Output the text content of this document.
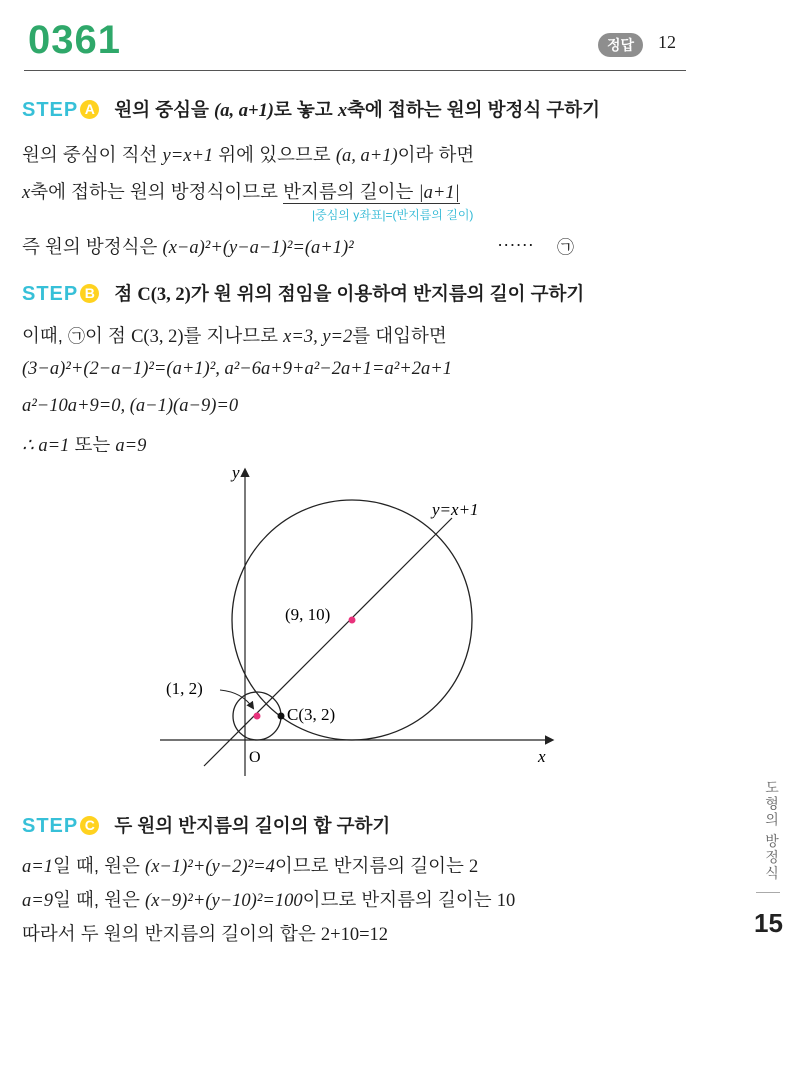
0361	정답	12
STEP A 원의 중심을 (a, a+1)로 놓고 x축에 접하는 원의 방정식 구하기
원의 중심이 직선 y=x+1 위에 있으므로 (a, a+1)이라 하면
x축에 접하는 원의 방정식이므로 반지름의 길이는 |a+1|
|중심의 y좌표|=(반지름의 길이)
즉 원의 방정식은 (x−a)²+(y−a−1)²=(a+1)²	······ ㉠
STEP B 점 C(3, 2)가 원 위의 점임을 이용하여 반지름의 길이 구하기
이때, ㉠이 점 C(3, 2)를 지나므로 x=3, y=2를 대입하면
(3−a)²+(2−a−1)²=(a+1)², a²−6a+9+a²−2a+1=a²+2a+1
a²−10a+9=0, (a−1)(a−9)=0
∴ a=1 또는 a=9
y
x
O
y=x+1
(9, 10)
(1, 2)
C(3, 2)
STEP C 두 원의 반지름의 길이의 합 구하기
a=1일 때, 원은 (x−1)²+(y−2)²=4이므로 반지름의 길이는 2
a=9일 때, 원은 (x−9)²+(y−10)²=100이므로 반지름의 길이는 10
따라서 두 원의 반지름의 길이의 합은 2+10=12
도형의 방정식
15
